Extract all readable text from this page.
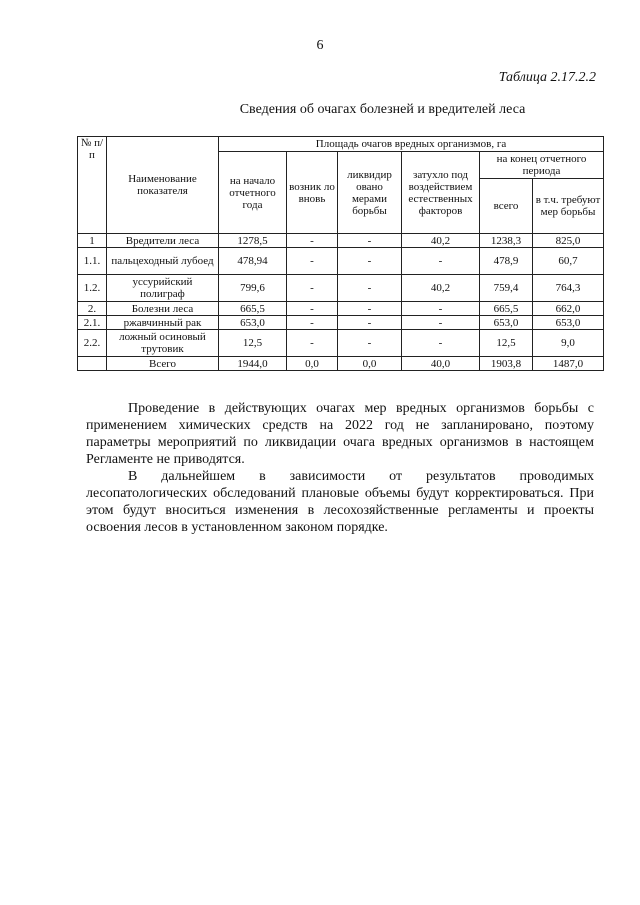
6
Таблица 2.17.2.2
Сведения об очагах болезней и вредителей леса
№ п/п	Наименование показателя	Площадь очагов вредных организмов, га					
		на начало отчетного года	возник ло вновь	ликвидир овано мерами борьбы	затухло под воздействием естественных факторов	на конец отчетного периода	
						всего	в т.ч. требуют мер борьбы
1	Вредители леса	1278,5	-	-	40,2	1238,3	825,0
1.1.	пальцеходный лубоед	478,94	-	-	-	478,9	60,7
1.2.	уссурийский полиграф	799,6	-	-	40,2	759,4	764,3
2.	Болезни леса	665,5	-	-	-	665,5	662,0
2.1.	ржавчинный рак	653,0	-	-	-	653,0	653,0
2.2.	ложный осиновый трутовик	12,5	-	-	-	12,5	9,0
	Всего	1944,0	0,0	0,0	40,0	1903,8	1487,0

Проведение в действующих очагах мер вредных организмов борьбы с применением химических средств на 2022 год не запланировано, поэтому параметры мероприятий по ликвидации очага вредных организмов в настоящем Регламенте не приводятся.

В дальнейшем в зависимости от результатов проводимых лесопатологических обследований плановые объемы будут корректироваться. При этом будут вноситься изменения в лесохозяйственные регламенты и проекты освоения лесов в установленном законом порядке.
